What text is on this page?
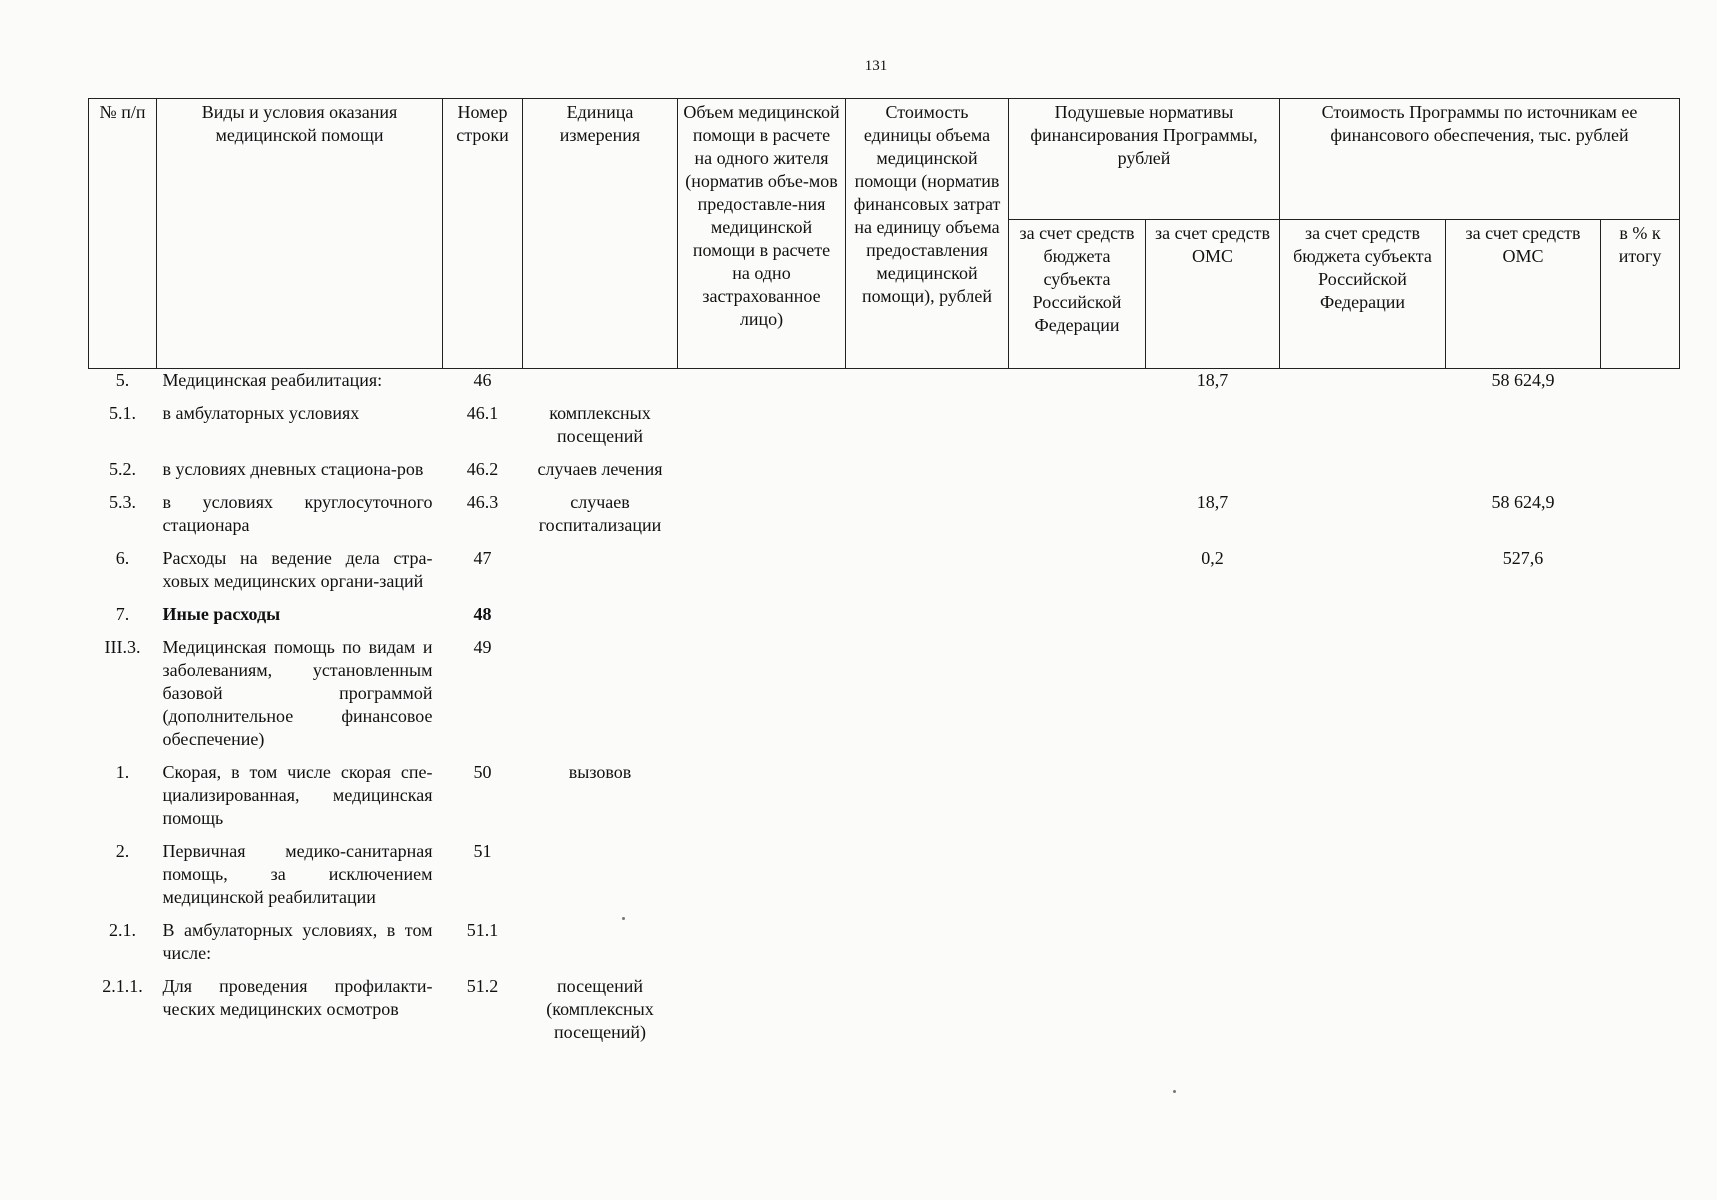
131
№ п/п	Виды и условия оказания медицинской помощи	Номер строки	Единица измерения	Объем медицинской помощи в расчете на одного жителя (норматив объе-мов предоставле-ния медицинской помощи в расчете на одно застрахованное лицо)	Стоимость единицы объема медицинской помощи (норматив финансовых затрат на единицу объема предоставления медицинской помощи), рублей	Подушевые нормативы финансирования Программы, рублей		Стоимость Программы по источникам ее финансового обеспечения, тыс. рублей		
						за счет средств бюджета субъекта Российской Федерации	за счет средств ОМС	за счет средств бюджета субъекта Российской Федерации	за счет средств ОМС	в % к итогу
5.	Медицинская реабилитация:	46					18,7		58 624,9	
5.1.	в амбулаторных условиях	46.1	комплексных посещений							
5.2.	в условиях дневных стациона-ров	46.2	случаев лечения							
5.3.	в условиях круглосуточного стационара	46.3	случаев госпитализации				18,7		58 624,9	
6.	Расходы на ведение дела стра-ховых медицинских органи-заций	47					0,2		527,6	
7.	Иные расходы	48								
III.3.	Медицинская помощь по видам и заболеваниям, установленным базовой программой (дополнительное финансовое обеспечение)	49								
1.	Скорая, в том числе скорая спе-циализированная, медицинская помощь	50	вызовов							
2.	Первичная медико-санитарная помощь, за исключением медицинской реабилитации	51								
2.1.	В амбулаторных условиях, в том числе:	51.1								
2.1.1.	Для проведения профилакти-ческих медицинских осмотров	51.2	посещений (комплексных посещений)							
